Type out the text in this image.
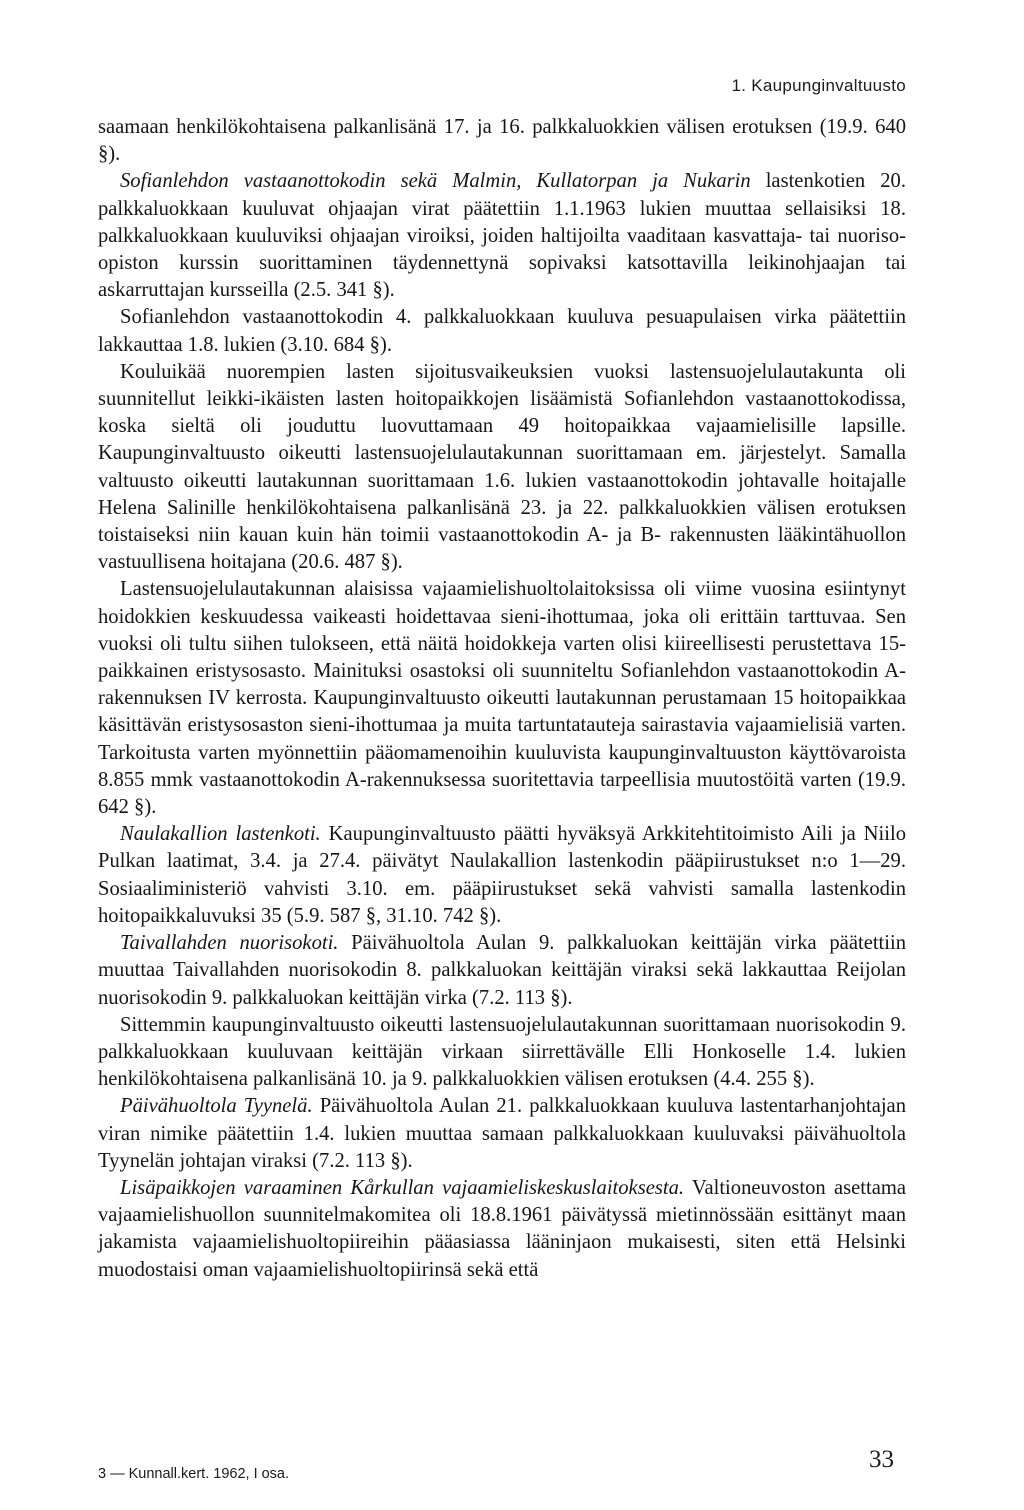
1. Kaupunginvaltuusto

saamaan henkilökohtaisena palkanlisänä 17. ja 16. palkkaluokkien välisen erotuksen (19.9. 640 §).

Sofianlehdon vastaanottokodin sekä Malmin, Kullatorpan ja Nukarin lastenkotien 20. palkkaluokkaan kuuluvat ohjaajan virat päätettiin 1.1.1963 lukien muuttaa sellaisiksi 18. palkkaluokkaan kuuluviksi ohjaajan viroiksi, joiden haltijoilta vaaditaan kasvattaja- tai nuoriso-opiston kurssin suorittaminen täydennettynä sopivaksi katsottavilla leikinohjaajan tai askarruttajan kursseilla (2.5. 341 §).

Sofianlehdon vastaanottokodin 4. palkkaluokkaan kuuluva pesuapulaisen virka päätettiin lakkauttaa 1.8. lukien (3.10. 684 §).

Kouluikää nuorempien lasten sijoitusvaikeuksien vuoksi lastensuojelulautakunta oli suunnitellut leikki-ikäisten lasten hoitopaikkojen lisäämistä Sofianlehdon vastaanottokodissa, koska sieltä oli jouduttu luovuttamaan 49 hoitopaikkaa vajaamielisille lapsille. Kaupunginvaltuusto oikeutti lastensuojelulautakunnan suorittamaan em. järjestelyt. Samalla valtuusto oikeutti lautakunnan suorittamaan 1.6. lukien vastaanottokodin johtavalle hoitajalle Helena Salinille henkilökohtaisena palkanlisänä 23. ja 22. palkkaluokkien välisen erotuksen toistaiseksi niin kauan kuin hän toimii vastaanottokodin A- ja B- rakennusten lääkintähuollon vastuullisena hoitajana (20.6. 487 §).

Lastensuojelulautakunnan alaisissa vajaamielishuoltolaitoksissa oli viime vuosina esiintynyt hoidokkien keskuudessa vaikeasti hoidettavaa sieni-ihottumaa, joka oli erittäin tarttuvaa. Sen vuoksi oli tultu siihen tulokseen, että näitä hoidokkeja varten olisi kiireellisesti perustettava 15-paikkainen eristysosasto. Mainituksi osastoksi oli suunniteltu Sofianlehdon vastaanottokodin A-rakennuksen IV kerrosta. Kaupunginvaltuusto oikeutti lautakunnan perustamaan 15 hoitopaikkaa käsittävän eristysosaston sieni-ihottumaa ja muita tartuntatauteja sairastavia vajaamielisiä varten. Tarkoitusta varten myönnettiin pääomamenoihin kuuluvista kaupunginvaltuuston käyttövaroista 8.855 mmk vastaanottokodin A-rakennuksessa suoritettavia tarpeellisia muutostöitä varten (19.9. 642 §).

Naulakallion lastenkoti. Kaupunginvaltuusto päätti hyväksyä Arkkitehtitoimisto Aili ja Niilo Pulkan laatimat, 3.4. ja 27.4. päivätyt Naulakallion lastenkodin pääpiirustukset n:o 1—29. Sosiaaliministeriö vahvisti 3.10. em. pääpiirustukset sekä vahvisti samalla lastenkodin hoitopaikkaluvuksi 35 (5.9. 587 §, 31.10. 742 §).

Taivallahden nuorisokoti. Päivähuoltola Aulan 9. palkkaluokan keittäjän virka päätettiin muuttaa Taivallahden nuorisokodin 8. palkkaluokan keittäjän viraksi sekä lakkauttaa Reijolan nuorisokodin 9. palkkaluokan keittäjän virka (7.2. 113 §).

Sittemmin kaupunginvaltuusto oikeutti lastensuojelulautakunnan suorittamaan nuorisokodin 9. palkkaluokkaan kuuluvaan keittäjän virkaan siirrettävälle Elli Honkoselle 1.4. lukien henkilökohtaisena palkanlisänä 10. ja 9. palkkaluokkien välisen erotuksen (4.4. 255 §).

Päivähuoltola Tyynelä. Päivähuoltola Aulan 21. palkkaluokkaan kuuluva lastentarhanjohtajan viran nimike päätettiin 1.4. lukien muuttaa samaan palkkaluokkaan kuuluvaksi päivähuoltola Tyynelän johtajan viraksi (7.2. 113 §).

Lisäpaikkojen varaaminen Kårkullan vajaamieliskeskuslaitoksesta. Valtioneuvoston asettama vajaamielishuollon suunnitelmakomitea oli 18.8.1961 päivätyssä mietinnössään esittänyt maan jakamista vajaamielishuoltopiireihin pääasiassa lääninjaon mukaisesti, siten että Helsinki muodostaisi oman vajaamielishuoltopiirinsä sekä että

3 — Kunnall.kert. 1962, I osa.
33
